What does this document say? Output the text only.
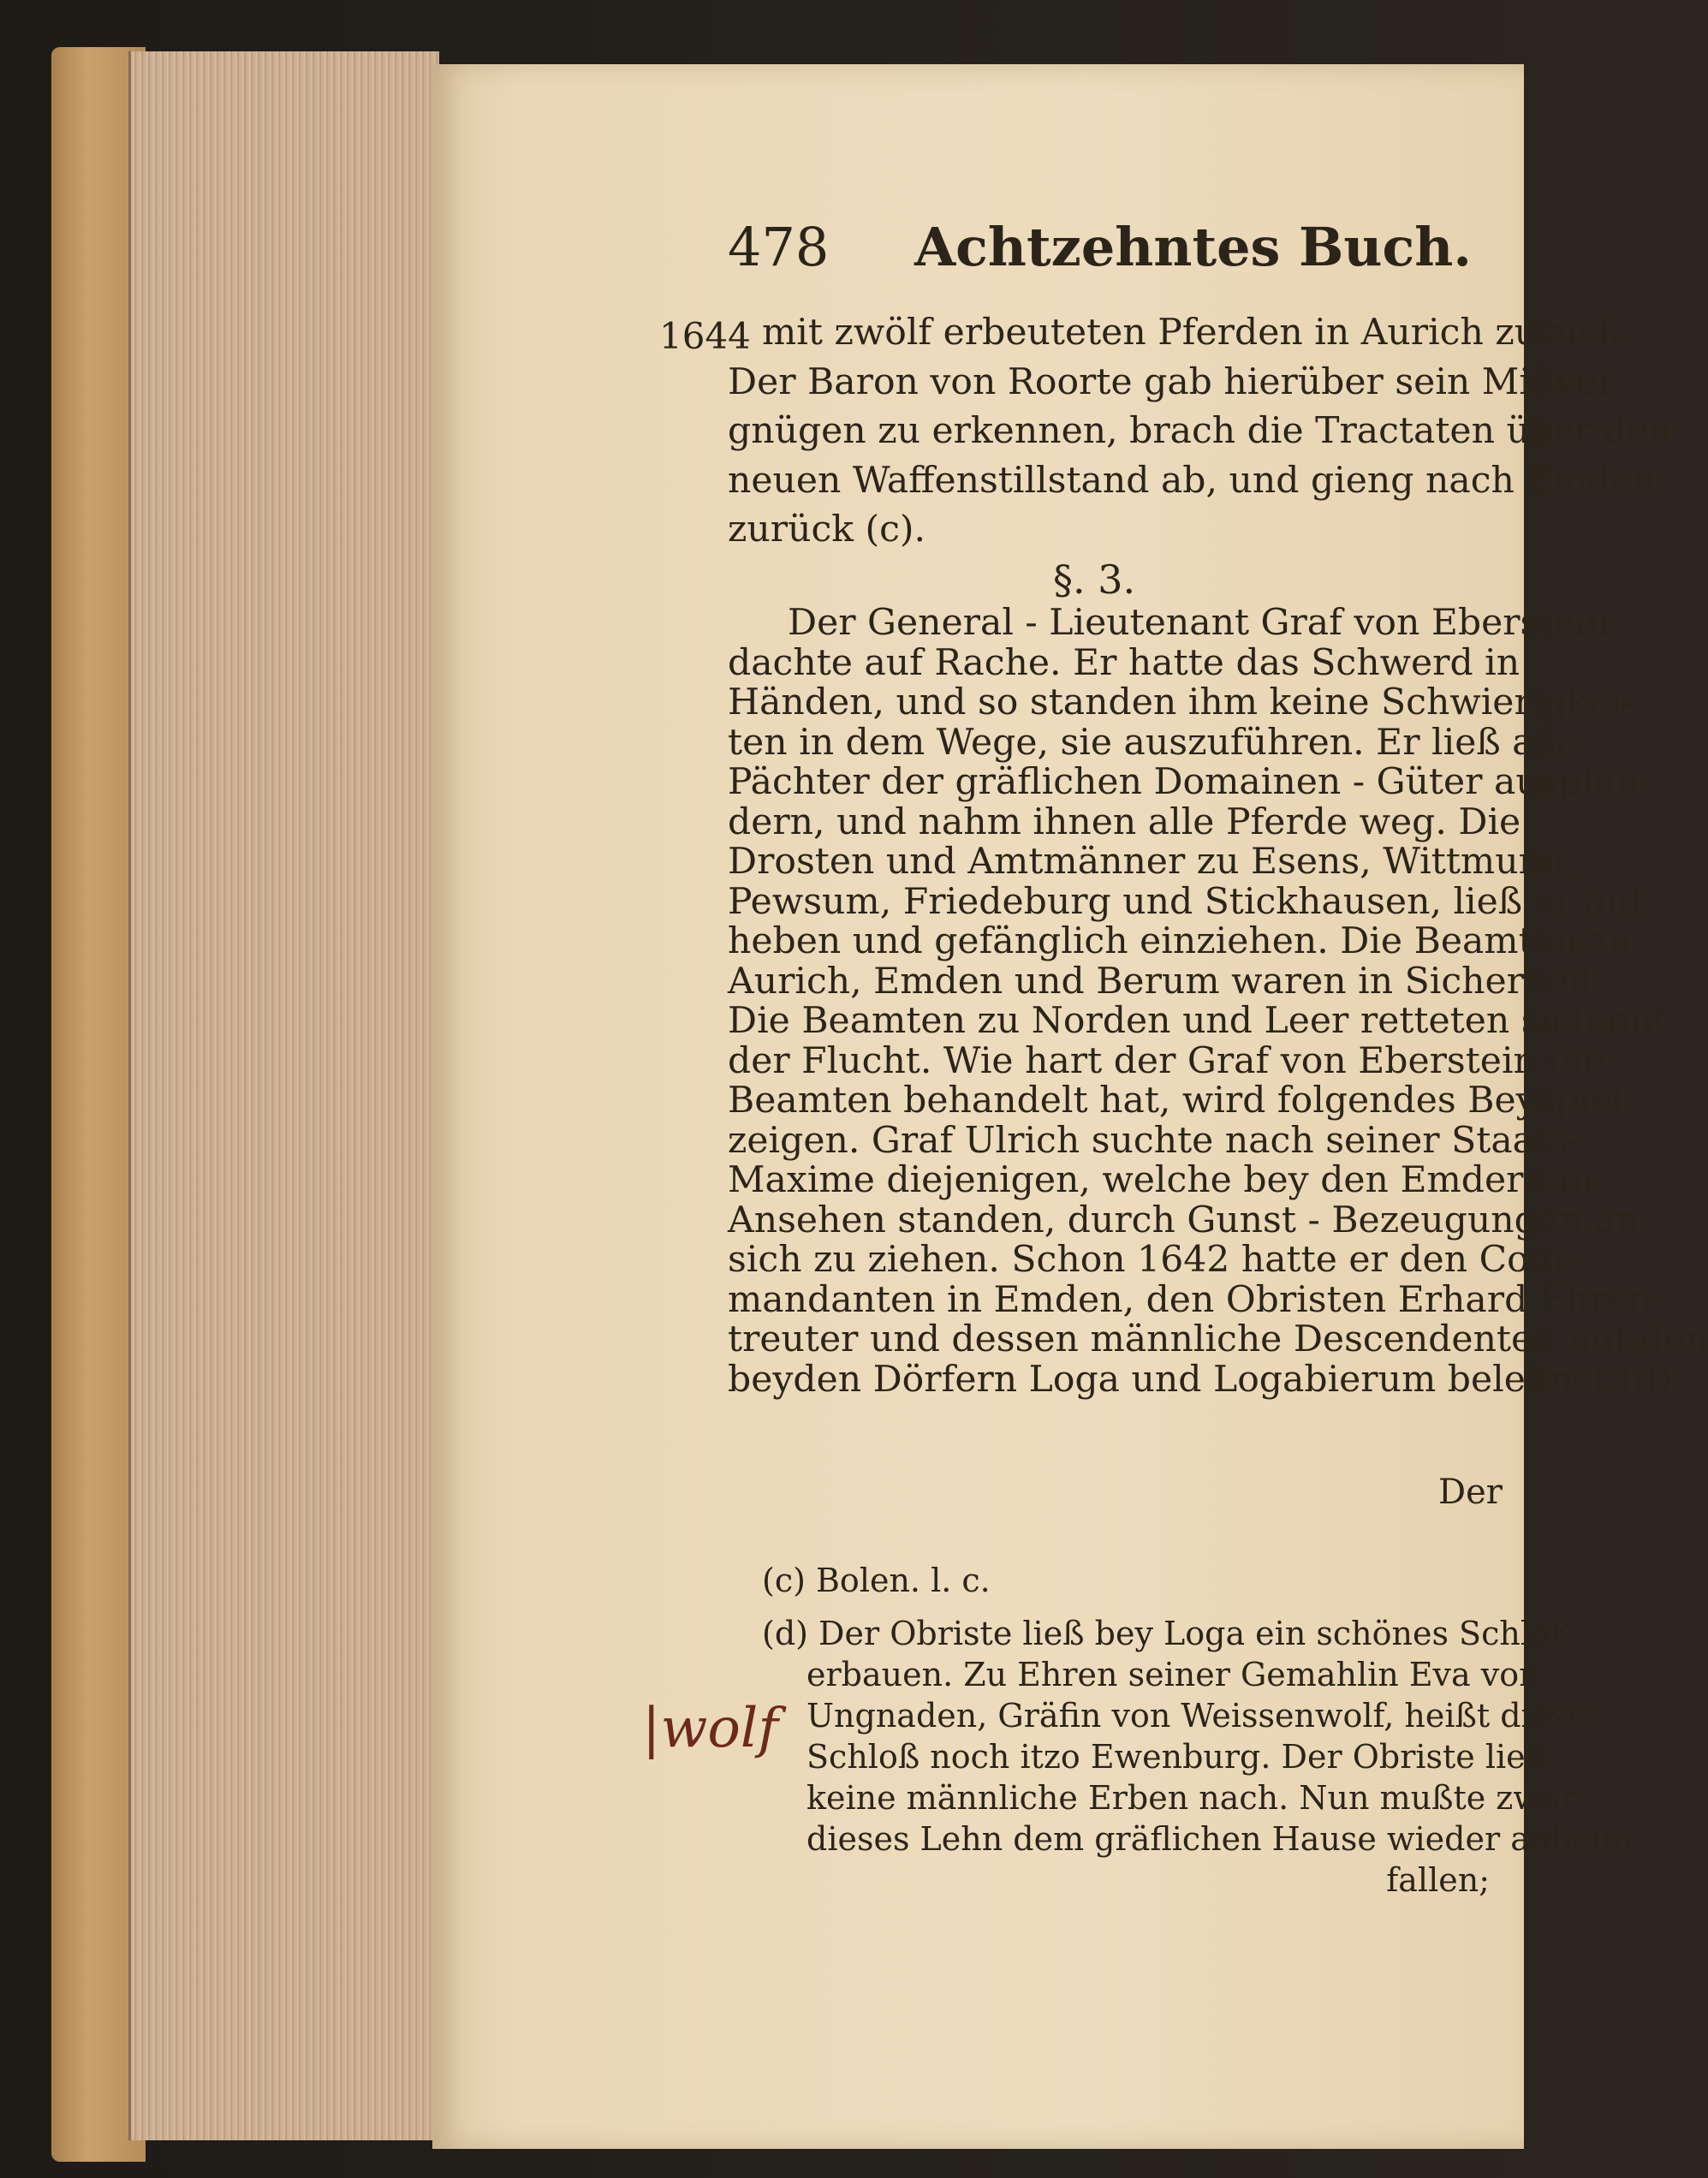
478 Achtzehntes Buch.
1644 mit zwölf erbeuteten Pferden in Aurich zurück.

Der Baron von Roorte gab hierüber sein Mißver-

gnügen zu erkennen, brach die Tractaten über den

neuen Waffenstillstand ab, und gieng nach Emden

zurück (c).

§. 3.

Der General - Lieutenant Graf von Eberstein

dachte auf Rache. Er hatte das Schwerd in

Händen, und so standen ihm keine Schwierigkei-

ten in dem Wege, sie auszuführen. Er ließ alle

Pächter der gräflichen Domainen - Güter ausplün-

dern, und nahm ihnen alle Pferde weg. Die

Drosten und Amtmänner zu Esens, Wittmund,

Pewsum, Friedeburg und Stickhausen, ließ er auf-

heben und gefänglich einziehen. Die Beamten zu

Aurich, Emden und Berum waren in Sicherheit.

Die Beamten zu Norden und Leer retteten sich mit

der Flucht. Wie hart der Graf von Eberstein die

Beamten behandelt hat, wird folgendes Beyspiel

zeigen. Graf Ulrich suchte nach seiner Staats-

Maxime diejenigen, welche bey den Emdern in

Ansehen standen, durch Gunst - Bezeugungen an

sich zu ziehen. Schon 1642 hatte er den Com-

mandanten in Emden, den Obristen Erhard Ehren-

treuter und dessen männliche Descendenten mit den

beyden Dörfern Loga und Logabierum belehnet (d).

Der

(c) Bolen. l. c.

(d) Der Obriste ließ bey Loga ein schönes Schloß

erbauen. Zu Ehren seiner Gemahlin Eva von

Ungnaden, Gräfin von Weissenwolf, heißt dieses

Schloß noch itzo Ewenburg. Der Obriste ließ

keine männliche Erben nach. Nun mußte zwar

dieses Lehn dem gräflichen Hause wieder anheim

fallen;

|wolf
